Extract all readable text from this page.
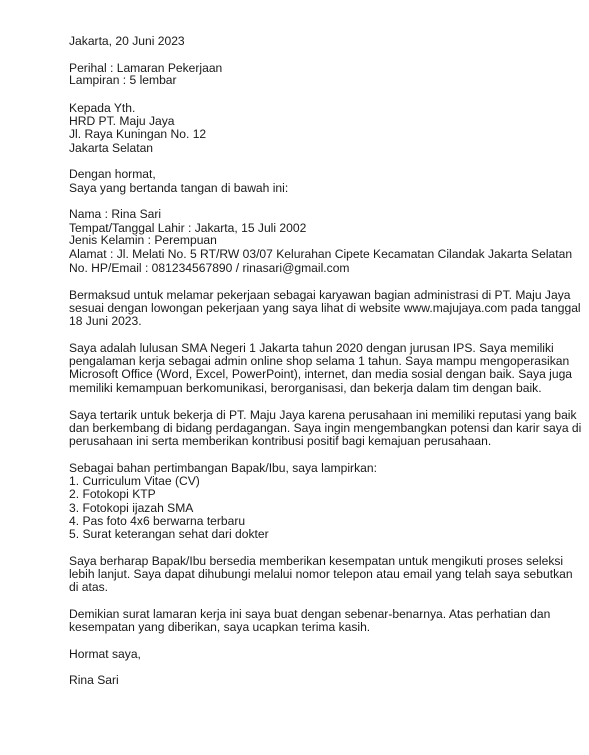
Jakarta, 20 Juni 2023
Perihal : Lamaran Pekerjaan
Lampiran : 5 lembar
Kepada Yth.
HRD PT. Maju Jaya
Jl. Raya Kuningan No. 12
Jakarta Selatan
Dengan hormat,
Saya yang bertanda tangan di bawah ini:
Nama : Rina Sari
Tempat/Tanggal Lahir : Jakarta, 15 Juli 2002
Jenis Kelamin : Perempuan
Alamat : Jl. Melati No. 5 RT/RW 03/07 Kelurahan Cipete Kecamatan Cilandak Jakarta Selatan
No. HP/Email : 081234567890 / rinasari@gmail.com
Bermaksud untuk melamar pekerjaan sebagai karyawan bagian administrasi di PT. Maju Jaya
sesuai dengan lowongan pekerjaan yang saya lihat di website www.majujaya.com pada tanggal
18 Juni 2023.
Saya adalah lulusan SMA Negeri 1 Jakarta tahun 2020 dengan jurusan IPS. Saya memiliki
pengalaman kerja sebagai admin online shop selama 1 tahun. Saya mampu mengoperasikan
Microsoft Office (Word, Excel, PowerPoint), internet, dan media sosial dengan baik. Saya juga
memiliki kemampuan berkomunikasi, berorganisasi, dan bekerja dalam tim dengan baik.
Saya tertarik untuk bekerja di PT. Maju Jaya karena perusahaan ini memiliki reputasi yang baik
dan berkembang di bidang perdagangan. Saya ingin mengembangkan potensi dan karir saya di
perusahaan ini serta memberikan kontribusi positif bagi kemajuan perusahaan.
Sebagai bahan pertimbangan Bapak/Ibu, saya lampirkan:
1. Curriculum Vitae (CV)
2. Fotokopi KTP
3. Fotokopi ijazah SMA
4. Pas foto 4x6 berwarna terbaru
5. Surat keterangan sehat dari dokter
Saya berharap Bapak/Ibu bersedia memberikan kesempatan untuk mengikuti proses seleksi
lebih lanjut. Saya dapat dihubungi melalui nomor telepon atau email yang telah saya sebutkan
di atas.
Demikian surat lamaran kerja ini saya buat dengan sebenar-benarnya. Atas perhatian dan
kesempatan yang diberikan, saya ucapkan terima kasih.
Hormat saya,
Rina Sari
